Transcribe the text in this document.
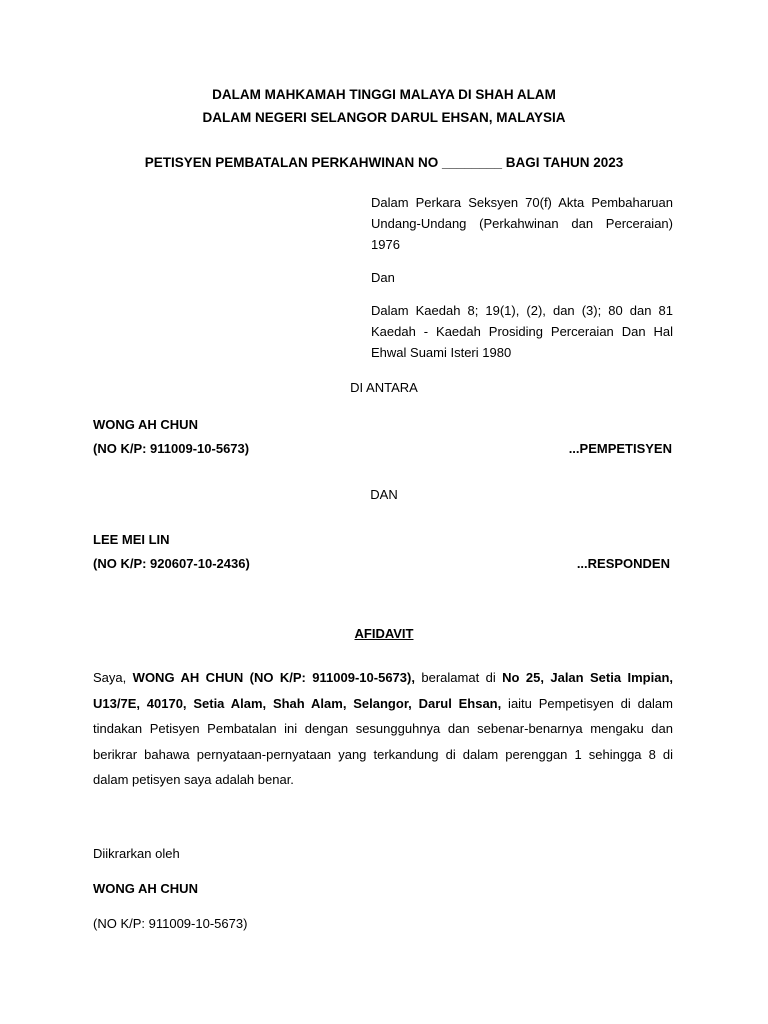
DALAM MAHKAMAH TINGGI MALAYA DI SHAH ALAM
DALAM NEGERI SELANGOR DARUL EHSAN, MALAYSIA
PETISYEN PEMBATALAN PERKAHWINAN NO ________ BAGI TAHUN 2023

Dalam Perkara Seksyen 70(f) Akta Pembaharuan Undang-Undang (Perkahwinan dan Perceraian) 1976

Dan

Dalam Kaedah 8; 19(1), (2), dan (3); 80 dan 81 Kaedah - Kaedah Prosiding Perceraian Dan Hal Ehwal Suami Isteri 1980

DI ANTARA
WONG AH CHUN
(NO K/P: 911009-10-5673)	...PEMPETISYEN
DAN
LEE MEI LIN
(NO K/P: 920607-10-2436)	...RESPONDEN
AFIDAVIT

Saya, WONG AH CHUN (NO K/P: 911009-10-5673), beralamat di No 25, Jalan Setia Impian, U13/7E, 40170, Setia Alam, Shah Alam, Selangor, Darul Ehsan, iaitu Pempetisyen di dalam tindakan Petisyen Pembatalan ini dengan sesungguhnya dan sebenar-benarnya mengaku dan berikrar bahawa pernyataan-pernyataan yang terkandung di dalam perenggan 1 sehingga 8 di dalam petisyen saya adalah benar.

Diikrarkan oleh
WONG AH CHUN
(NO K/P: 911009-10-5673)
